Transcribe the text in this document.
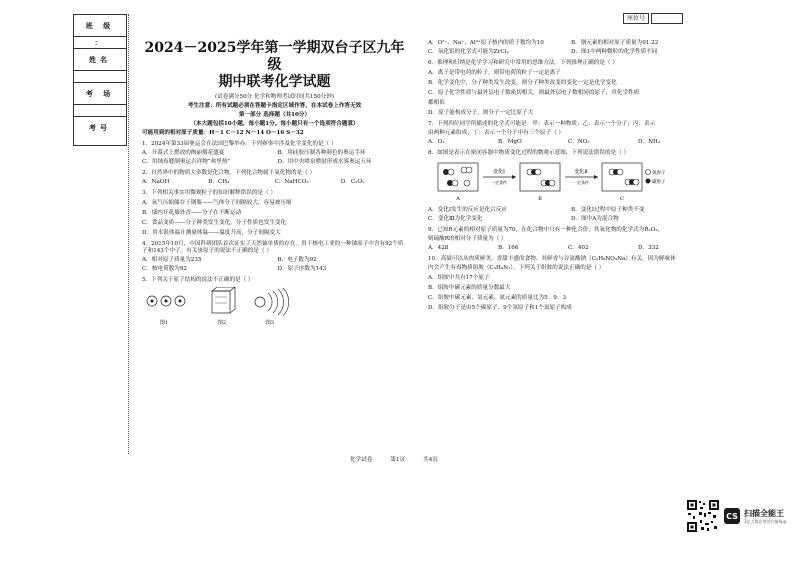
班 级
：
姓名
考 场
考号
座位号
2024－2025学年第一学期双台子区九年级
期中联考化学试题
(试卷满分50分 化学和物理考试时间共150分钟)
考生注意：所有试题必须在答题卡指定区域作答，在本试卷上作答无效
第一部分 选择题（共10分）
（本大题包括10小题，每小题1分。每小题只有一个选项符合题意）
可能用到的相对原子质量：H－1 C－12 N－14 O－16 S－32
1．2024年第33届奥运会在法国巴黎举办。下列赛事中涉及化学变化的是（ ）
A．开幕式上燃放的绚丽烟花盛宴	B．用硅胶压制各种颜色的奥运手环
C．用绒布缝制奥运吉祥物“弗里热”	D．用中央喷泉喷射形成水雾奥运五环
2．自然界中的物质大多数是化合物。下列化合物属于氧化物的是（ ）
A．NaOH	B．CH₄	C．NaHCO₃	D．C₂O₂
3．下列相关事实用微观粒子的知识解释错误的是（ ）
A．氧气压缩储存于钢瓶——气体分子间隔较大，容易被压缩
B．墙内开花墙外香——分子在不断运动
C．食品变质——分子种类发生变化，分子性质也发生变化
D．用水银体温计测量体温——温度升高，分子间隔变大
4．2015年10月，中国科研团队首次证实了天然铀单质的存在。用于核电工业的一种铀原子中含有92个质子和143个中子。有关该原子的说法不正确的是（ ）
A．相对原子质量为235	B．电子数为92
C．核电荷数为92	D．原子序数为143
5．下列关于原子结构的说法不正确的是（ ）
图1	图2	图3
A．O²⁻、Na⁺、Al³⁺原子核内的质子数均为10	B．铟元素的相对原子质量为91.22
C．氧化铝的化学式可能为ZrCl₂	D．图1中两种微粒的化学性质不同
6．推理和归纳是化学学习和研究中常用的思维方法。下列推理正确的是（ ）
A．离子是带电荷的粒子，则带电荷的粒子一定是离子
B．化学变化中，分子种类发生改变，则分子种类改变的变化一定是化学变化
C．原子化学性质与最外层电子数密切相关，则最外层电子数相同的原子，其化学性质
都相似
D．原子能构成分子，则分子一定比原子大
7．下列四位同学所描述的化学式可能是：甲：表示一种物质；乙：表示一个分子；丙：表示
由两种元素组成；丁：表示一个分子中有三个原子（ ）
A．O₃	B．MgO	C．NO₂	D．NH₃
8．如图是表示在密闭容器中物质变化过程的微观示意图，下列说法错误的是（ ）
A
变化Ⅰ
一定条件
B
变化Ⅱ
一定条件
C
氧原子
碳原子
A．变化Ⅰ发生的反应是化合反应	B．变化Ⅰ过程中原子种类不变
C．变化Ⅲ为化学变化	D．图中A为混合物
9．已知R元素的相对原子质量为70，在化合物中只有一种化合价，其氧化物的化学式为R₂O₃，
则硫酸R的相对分子质量为（ ）
A．428	B．166	C．402	D．332
10．高粱可以从肉质鲜美、香甜丰盛的食物、其鲜香与谷氨酸钠（C₅H₈NO₄Na）有关，因为鲜味体
内会产生有毒物质组胺（C₅H₉N₃），下列关于组胺的说法正确的是（ ）
A．组胺中共有17个原子
B．组胺中碳元素的质量分数最大
C．组胺中碳元素、氢元素、氮元素的质量比为5：9：3
D．组胺分子是由5个碳原子、9个氢原子和1个氮原子构成
化学试卷	第1页	共4页
CS 扫描全能王
3亿人都在用的扫描App
